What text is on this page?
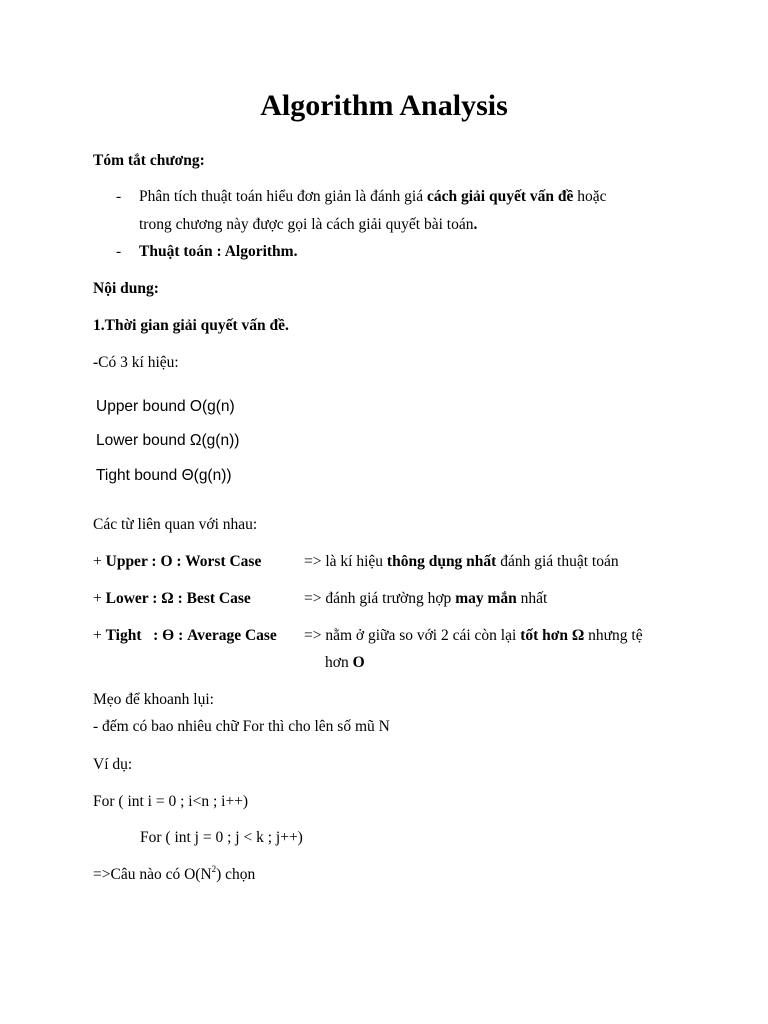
Algorithm Analysis
Tóm tắt chương:
- Phân tích thuật toán hiểu đơn giản là đánh giá cách giải quyết vấn đề hoặc
trong chương này được gọi là cách giải quyết bài toán.
- Thuật toán : Algorithm.
Nội dung:
1.Thời gian giải quyết vấn đề.
-Có 3 kí hiệu:
Upper bound O(g(n)
Lower bound Ω(g(n))
Tight bound Θ(g(n))
Các từ liên quan với nhau:
+ Upper : O : Worst Case	=> là kí hiệu thông dụng nhất đánh giá thuật toán
+ Lower : Ω : Best Case	=> đánh giá trường hợp may mắn nhất
+ Tight   : ϴ : Average Case => nằm ở giữa so với 2 cái còn lại tốt hơn Ω nhưng tệ
hơn O
Mẹo để khoanh lụi:
- đếm có bao nhiêu chữ For thì cho lên số mũ N
Ví dụ:
For ( int i = 0 ; i<n ; i++)
For ( int j = 0 ; j < k ; j++)
=>Câu nào có $O(N^2)$ chọn
